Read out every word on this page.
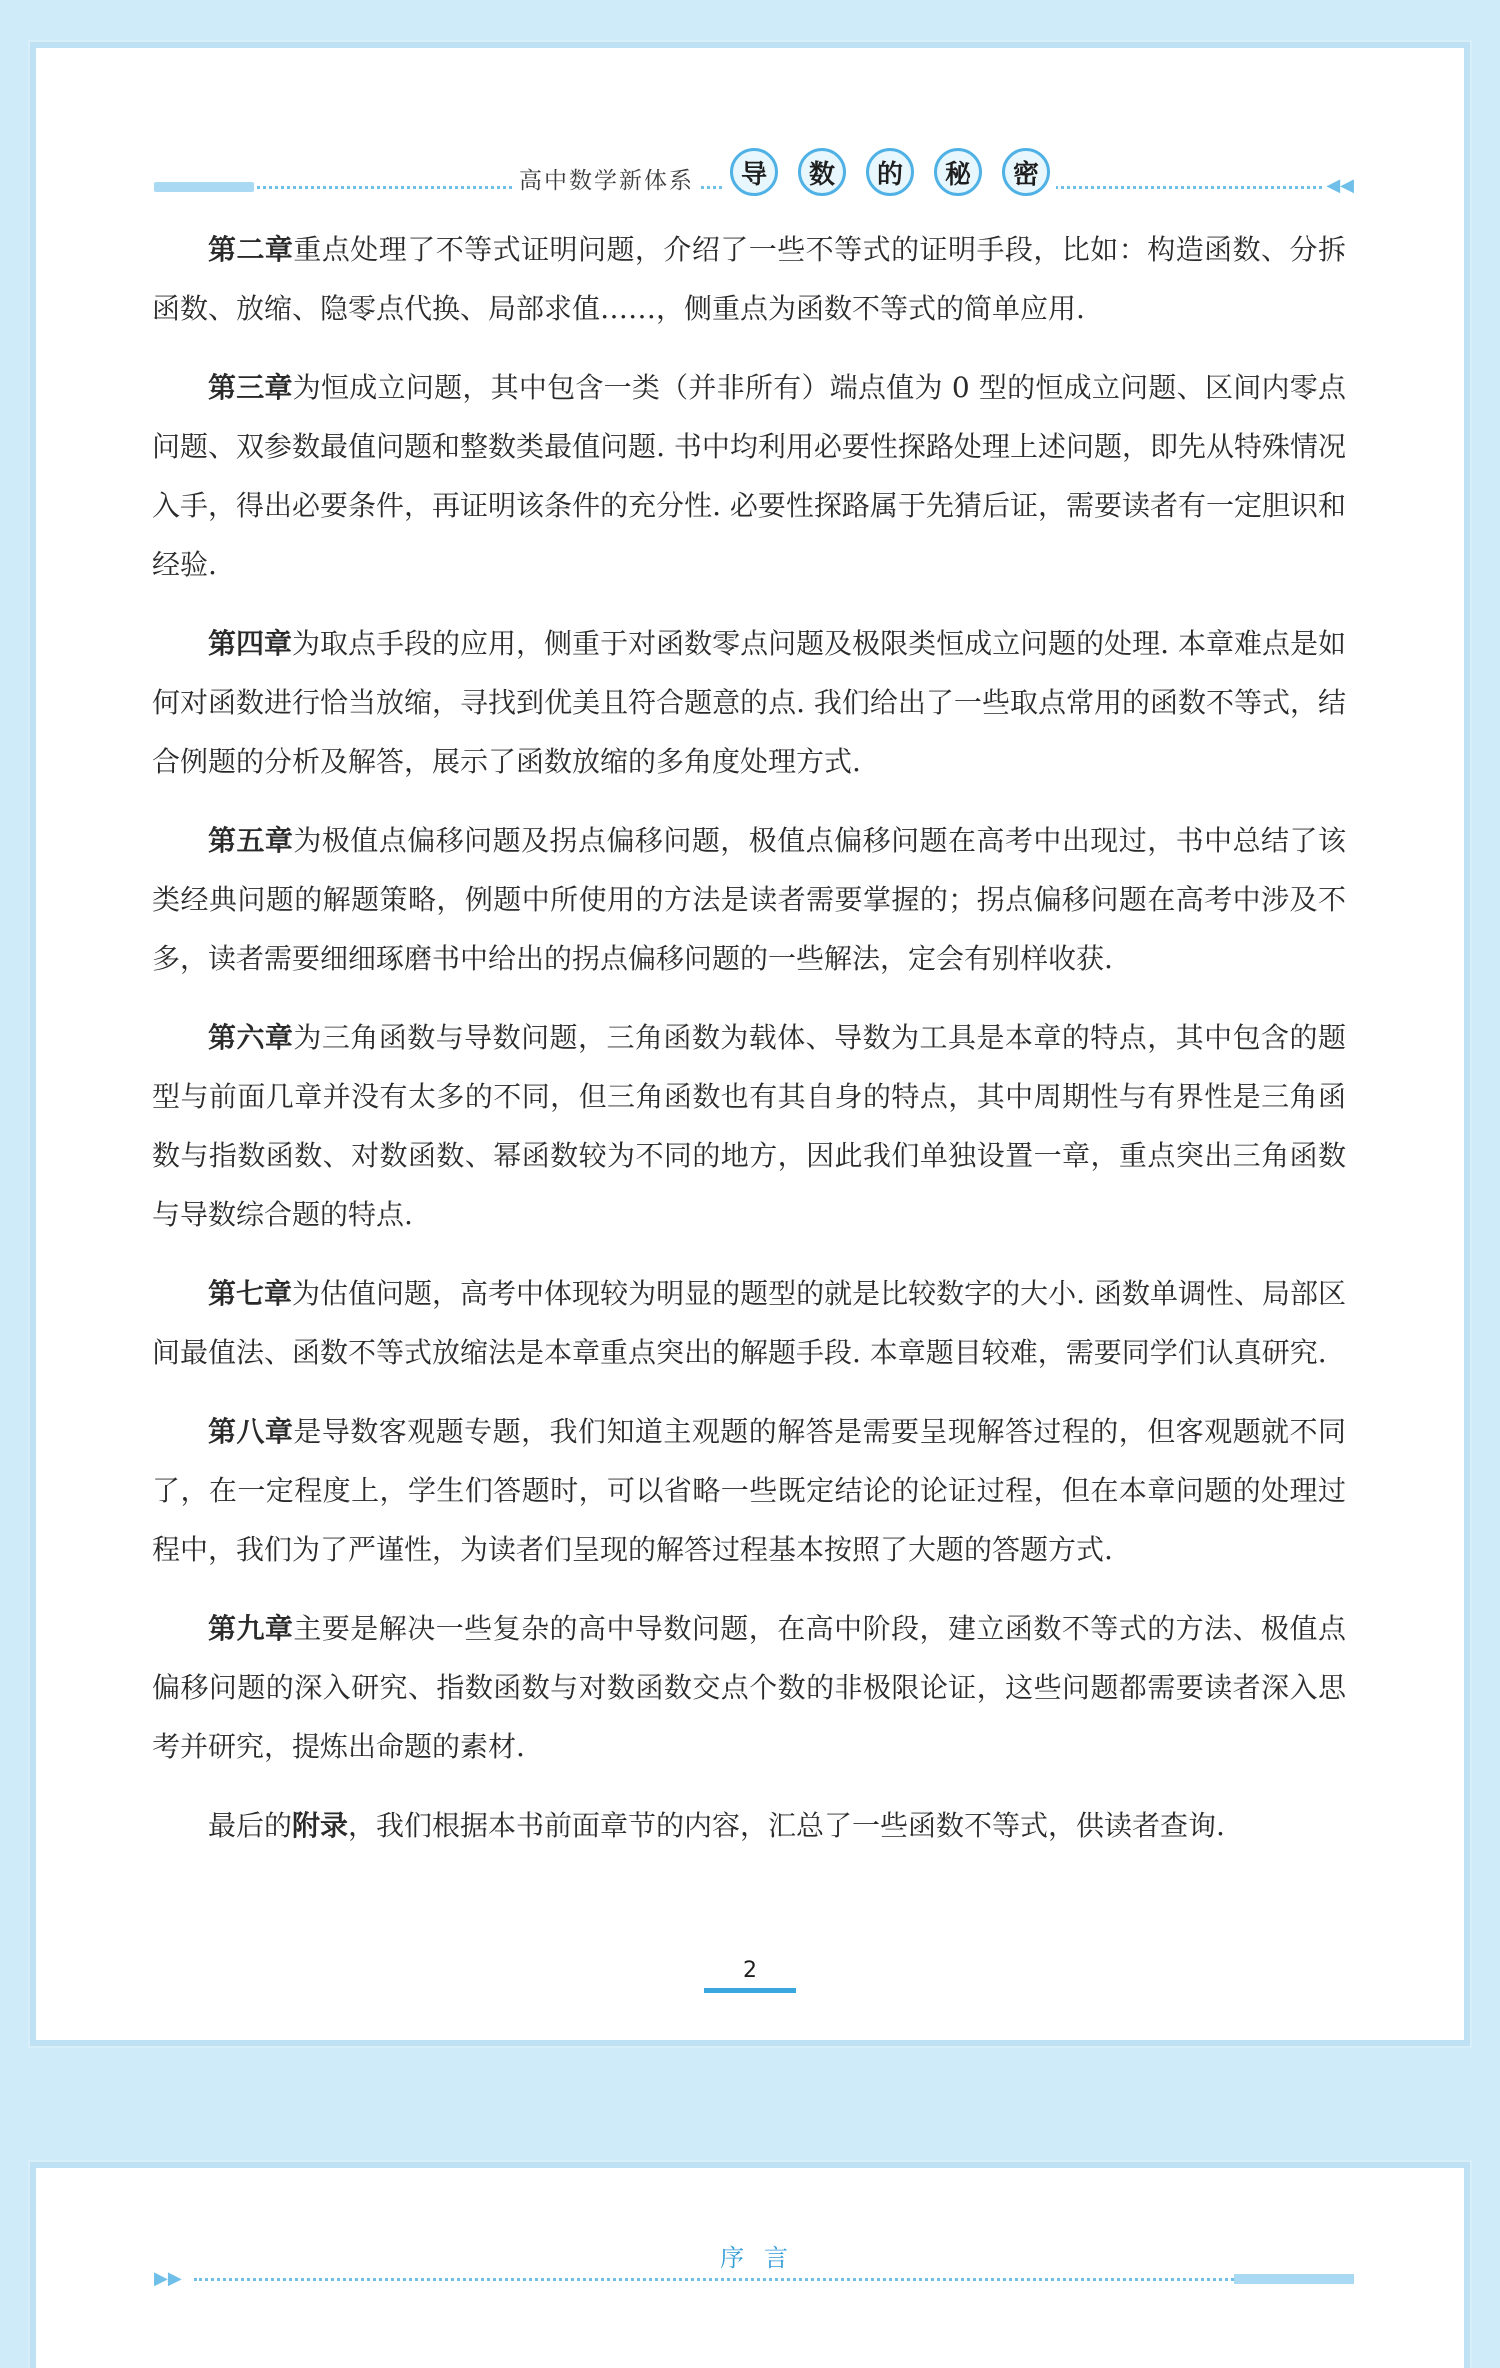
◀◀
高中数学新体系	导	数	的	秘	密

第二章重点处理了不等式证明问题，介绍了一些不等式的证明手段，比如：构造函数、分拆函数、放缩、隐零点代换、局部求值……，侧重点为函数不等式的简单应用.

第三章为恒成立问题，其中包含一类（并非所有）端点值为 0 型的恒成立问题、区间内零点问题、双参数最值问题和整数类最值问题. 书中均利用必要性探路处理上述问题，即先从特殊情况入手，得出必要条件，再证明该条件的充分性. 必要性探路属于先猜后证，需要读者有一定胆识和经验.

第四章为取点手段的应用，侧重于对函数零点问题及极限类恒成立问题的处理. 本章难点是如何对函数进行恰当放缩，寻找到优美且符合题意的点. 我们给出了一些取点常用的函数不等式，结合例题的分析及解答，展示了函数放缩的多角度处理方式.

第五章为极值点偏移问题及拐点偏移问题，极值点偏移问题在高考中出现过，书中总结了该类经典问题的解题策略，例题中所使用的方法是读者需要掌握的；拐点偏移问题在高考中涉及不多，读者需要细细琢磨书中给出的拐点偏移问题的一些解法，定会有别样收获.

第六章为三角函数与导数问题，三角函数为载体、导数为工具是本章的特点，其中包含的题型与前面几章并没有太多的不同，但三角函数也有其自身的特点，其中周期性与有界性是三角函数与指数函数、对数函数、幂函数较为不同的地方，因此我们单独设置一章，重点突出三角函数与导数综合题的特点.

第七章为估值问题，高考中体现较为明显的题型的就是比较数字的大小. 函数单调性、局部区间最值法、函数不等式放缩法是本章重点突出的解题手段. 本章题目较难，需要同学们认真研究.

第八章是导数客观题专题，我们知道主观题的解答是需要呈现解答过程的，但客观题就不同了，在一定程度上，学生们答题时，可以省略一些既定结论的论证过程，但在本章问题的处理过程中，我们为了严谨性，为读者们呈现的解答过程基本按照了大题的答题方式.

第九章主要是解决一些复杂的高中导数问题，在高中阶段，建立函数不等式的方法、极值点偏移问题的深入研究、指数函数与对数函数交点个数的非极限论证，这些问题都需要读者深入思考并研究，提炼出命题的素材.

最后的附录，我们根据本书前面章节的内容，汇总了一些函数不等式，供读者查询.

2
▶▶
序言
